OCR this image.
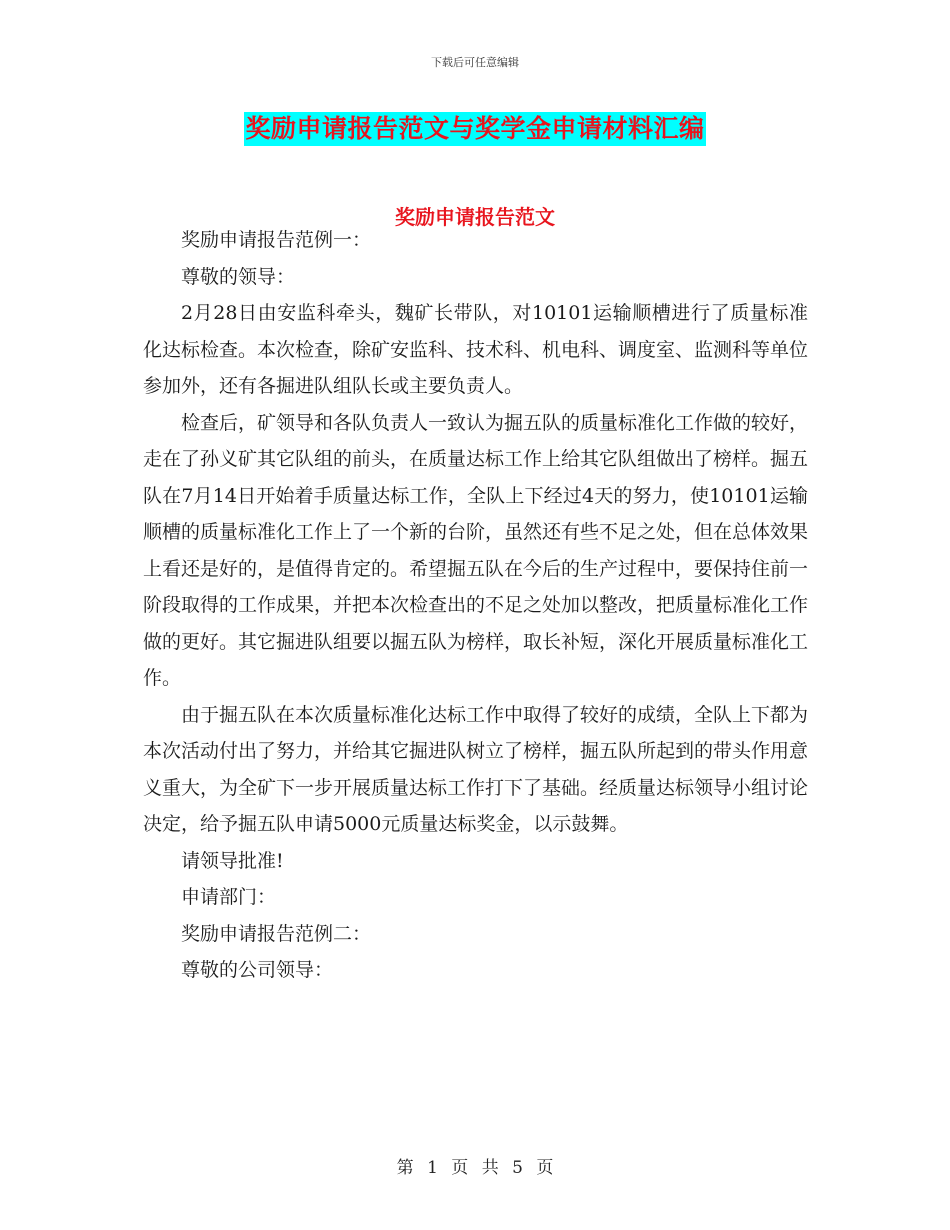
下载后可任意编辑
奖励申请报告范文与奖学金申请材料汇编
奖励申请报告范文

奖励申请报告范例一：

尊敬的领导：

2月28日由安监科牵头，魏矿长带队，对10101运输顺槽进行了质量标准化达标检查。本次检查，除矿安监科、技术科、机电科、调度室、监测科等单位参加外，还有各掘进队组队长或主要负责人。

检查后，矿领导和各队负责人一致认为掘五队的质量标准化工作做的较好，走在了孙义矿其它队组的前头，在质量达标工作上给其它队组做出了榜样。掘五队在7月14日开始着手质量达标工作，全队上下经过4天的努力，使10101运输顺槽的质量标准化工作上了一个新的台阶，虽然还有些不足之处，但在总体效果上看还是好的，是值得肯定的。希望掘五队在今后的生产过程中，要保持住前一阶段取得的工作成果，并把本次检查出的不足之处加以整改，把质量标准化工作做的更好。其它掘进队组要以掘五队为榜样，取长补短，深化开展质量标准化工作。

由于掘五队在本次质量标准化达标工作中取得了较好的成绩，全队上下都为本次活动付出了努力，并给其它掘进队树立了榜样，掘五队所起到的带头作用意义重大，为全矿下一步开展质量达标工作打下了基础。经质量达标领导小组讨论决定，给予掘五队申请5000元质量达标奖金，以示鼓舞。

请领导批准!

申请部门：

奖励申请报告范例二：

尊敬的公司领导：

第 1 页 共 5 页
